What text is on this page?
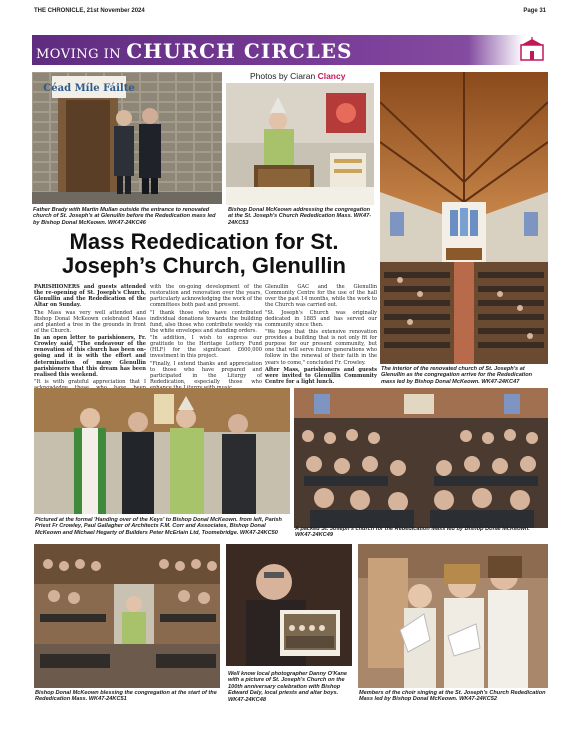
THE CHRONICLE, 21st November 2024	Page 31
MOVING IN CHURCH CIRCLES
Photos by Ciaran Clancy
Céad Míle Fáilte
Father Brady with Martin Mullan outside the entrance to renovated church of St. Joseph's at Glenullin before the Rededication mass led by Bishop Donal McKeown. WK47-24KC46
Bishop Donal McKeown addressing the congregation at the St. Joseph's Church Rededication Mass. WK47-24KC53
The interior of the renovated church of St. Joseph's at Glenullin as the congregation arrive for the Rededication mass led by Bishop Donal McKeown. WK47-24KC47
Mass Rededication for St. Joseph’s Church, Glenullin

PARISHIONERS and guests attended the re-opening of St. Joseph's Church, Glenullin and the Rededication of the Altar on Sunday.

The Mass was very well attended and Bishop Donal McKeown celebrated Mass and planted a tree in the grounds in front of the Church.

In an open letter to parishioners, Fr. Crowley said, "The endeavour of the renovation of this church has been on-going and it is with the effort and determination of many Glenullin parishioners that this dream has been realised this weekend.

"It is with grateful appreciation that I

with the on-going development of the restoration and renovation over the years, particularly acknowledging the work of the committees both past and present.

"I thank those who have contributed individual donations towards the building fund, also those who contribute weekly via the white envelopes and standing orders.

"In addition, I wish to express our gratitude to the Heritage Lottery Fund (HLF) for the significant £600,000 investment in this project.

"Finally, I extend thanks and appreciation to those who have prepared and participated in the Liturgy of Rededication, especially those who

Glenullin GAC and the Glenullin Community Centre for the use of the hall over the past 14 months, while the work to the Church was carried out.

"St. Joseph's Church was originally dedicated in 1885 and has served our community since then.

"We hope that this extensive renovation provides a building that is not only fit for purpose for our present community, but one that will serve future generations who follow in the renewal of their faith in the years to come," concluded Fr. Crowley.

After Mass, parishioners and guests were invited to Glenullin Community Centre for a light lunch.

Pictured at the formal 'Handing over of the Keys' to Bishop Donal McKeown. from left, Parish Priest Fr Crowley, Paul Gallagher of Architects F.M. Corr and Associates, Bishop Donal McKeown and Michael Hegarty of Builders Peter McErlain Ltd, Toomebridge. WK47-24KC50
A packed St. Joseph's church for the Rededication Mass led by Bishop Donal McKeown. WK47-24KC49
Bishop Donal McKeown blessing the congregation at the start of the Rededication Mass. WK47-24KC51
Well know local photographer Danny O'Kane with a picture of St. Joseph's Church on the 100th anniversary celebration with Bishop Edward Daly, local priests and altar boys. WK47-24KC48
Members of the choir singing at the St. Joseph's Church Rededication Mass led by Bishop Donal McKeown. WK47-24KC52
